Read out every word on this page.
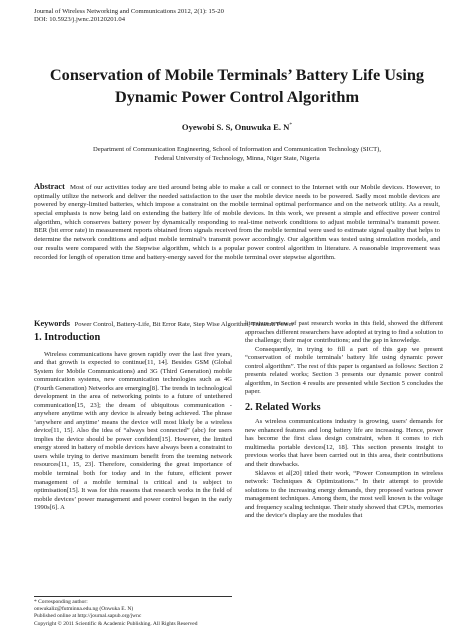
Journal of Wireless Networking and Communications 2012, 2(1): 15-20
DOI: 10.5923/j.jwnc.20120201.04
Conservation of Mobile Terminals’ Battery Life Using Dynamic Power Control Algorithm
Oyewobi S. S, Onuwuka E. N*
Department of Communication Engineering, School of Information and Communication Technology (SICT),
Federal University of Technology, Minna, Niger State, Nigeria
Abstract Most of our activities today are tied around being able to make a call or connect to the Internet with our Mobile devices. However, to optimally utilize the network and deliver the needed satisfaction to the user the mobile device needs to be powered. Sadly most mobile devices are powered by energy-limited batteries, which impose a constraint on the mobile terminal optimal performance and on the network utility. As a result, special emphasis is now being laid on extending the battery life of mobile devices. In this work, we present a simple and effective power control algorithm, which conserves battery power by dynamically responding to real-time network conditions to adjust mobile terminal’s transmit power. BER (bit error rate) in measurement reports obtained from signals received from the mobile terminal were used to estimate signal quality that helps to determine the network conditions and adjust mobile terminal’s transmit power accordingly. Our algorithm was tested using simulation models, and our results were compared with the Stepwise algorithm, which is a popular power control algorithm in literature. A reasonable improvement was recorded for length of operation time and battery-energy saved for the mobile terminal over stepwise algorithm.
Keywords Power Control, Battery-Life, Bit Error Rate, Step Wise Algorithm, Transmit Power
1. Introduction

Wireless communications have grown rapidly over the last five years, and that growth is expected to continue[11, 14]. Besides GSM (Global System for Mobile Communications) and 3G (Third Generation) mobile communication systems, new communication technologies such as 4G (Fourth Generation) Networks are emerging[8]. The trends in technological development in the area of networking points to a future of untethered communication[15, 23]; the dream of ubiquitous communication - anywhere anytime with any device is already being achieved. The phrase ‘anywhere and anytime’ means the device will most likely be a wireless device[11, 15]. Also the idea of “always best connected” (abc) for users implies the device should be power confident[15]. However, the limited energy stored in battery of mobile devices have always been a constraint to users while trying to derive maximum benefit from the teeming network resources[11, 15, 23]. Therefore, considering the great importance of mobile terminal both for today and in the future, efficient power management of a mobile terminal is critical and is subject to optimisation[15]. It was for this reasons that research works in the field of mobile devices’ power management and power control began in the early 1990s[6]. A

literature review of past research works in this field, showed the different approaches different researchers have adopted at trying to find a solution to the challenge; their major contributions; and the gap in knowledge.

Consequently, in trying to fill a part of this gap we present “conservation of mobile terminals’ battery life using dynamic power control algorithm”. The rest of this paper is organised as follows: Section 2 presents related works; Section 3 presents our dynamic power control algorithm, in Section 4 results are presented while Section 5 concludes the paper.

2. Related Works

As wireless communications industry is growing, users' demands for new enhanced features and long battery life are increasing. Hence, power has become the first class design constraint, when it comes to rich multimedia portable devices[12, 18]. This section presents insight to previous works that have been carried out in this area, their contributions and their drawbacks.

Sklavos et al[20] titled their work, “Power Consumption in wireless network: Techniques & Optimizations.” In their attempt to provide solutions to the increasing energy demands, they proposed various power management techniques. Among them, the most well known is the voltage and frequency scaling technique. Their study showed that CPUs, memories and the device’s display are the modules that

* Corresponding author:
onwukaliz@futminna.edu.ng (Onwuka E. N)
Published online at http://journal.sapub.org/jwnc
Copyright © 2011 Scientific & Academic Publishing. All Rights Reserved
